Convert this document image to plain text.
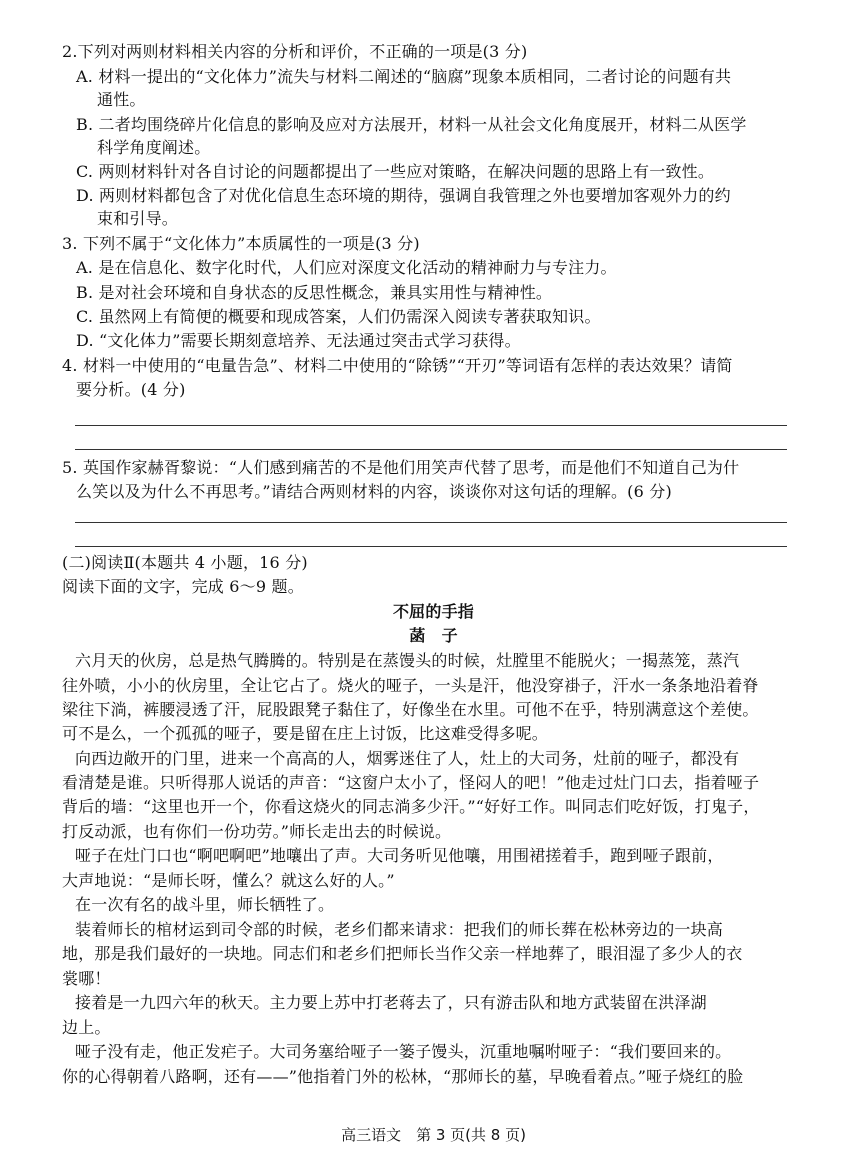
2.下列对两则材料相关内容的分析和评价，不正确的一项是(3 分)
A. 材料一提出的“文化体力”流失与材料二阐述的“脑腐”现象本质相同，二者讨论的问题有共
通性。
B. 二者均围绕碎片化信息的影响及应对方法展开，材料一从社会文化角度展开，材料二从医学
科学角度阐述。
C. 两则材料针对各自讨论的问题都提出了一些应对策略，在解决问题的思路上有一致性。
D. 两则材料都包含了对优化信息生态环境的期待，强调自我管理之外也要增加客观外力的约
束和引导。
3. 下列不属于“文化体力”本质属性的一项是(3 分)
A. 是在信息化、数字化时代，人们应对深度文化活动的精神耐力与专注力。
B. 是对社会环境和自身状态的反思性概念，兼具实用性与精神性。
C. 虽然网上有简便的概要和现成答案，人们仍需深入阅读专著获取知识。
D. “文化体力”需要长期刻意培养、无法通过突击式学习获得。
4. 材料一中使用的“电量告急”、材料二中使用的“除锈”“开刃”等词语有怎样的表达效果？请简
要分析。(4 分)
5. 英国作家赫胥黎说：“人们感到痛苦的不是他们用笑声代替了思考，而是他们不知道自己为什
么笑以及为什么不再思考。”请结合两则材料的内容，谈谈你对这句话的理解。(6 分)
(二)阅读Ⅱ(本题共 4 小题，16 分)
阅读下面的文字，完成 6～9 题。
不屈的手指
菡　子
六月天的伙房，总是热气腾腾的。特别是在蒸馒头的时候，灶膛里不能脱火；一揭蒸笼，蒸汽
往外喷，小小的伙房里，全让它占了。烧火的哑子，一头是汗，他没穿褂子，汗水一条条地沿着脊
梁往下淌，裤腰浸透了汗，屁股跟凳子黏住了，好像坐在水里。可他不在乎，特别满意这个差使。
可不是么，一个孤孤的哑子，要是留在庄上讨饭，比这难受得多呢。
向西边敞开的门里，进来一个高高的人，烟雾迷住了人，灶上的大司务，灶前的哑子，都没有
看清楚是谁。只听得那人说话的声音：“这窗户太小了，怪闷人的吧！”他走过灶门口去，指着哑子
背后的墙：“这里也开一个，你看这烧火的同志淌多少汗。”“好好工作。叫同志们吃好饭，打鬼子，
打反动派，也有你们一份功劳。”师长走出去的时候说。
哑子在灶门口也“啊吧啊吧”地嚷出了声。大司务听见他嚷，用围裙搓着手，跑到哑子跟前，
大声地说：“是师长呀，懂么？就这么好的人。”
在一次有名的战斗里，师长牺牲了。
装着师长的棺材运到司令部的时候，老乡们都来请求：把我们的师长葬在松林旁边的一块高
地，那是我们最好的一块地。同志们和老乡们把师长当作父亲一样地葬了，眼泪湿了多少人的衣
裳哪！
接着是一九四六年的秋天。主力要上苏中打老蒋去了，只有游击队和地方武装留在洪泽湖
边上。
哑子没有走，他正发疟子。大司务塞给哑子一篓子馒头，沉重地嘱咐哑子：“我们要回来的。
你的心得朝着八路啊，还有——”他指着门外的松林，“那师长的墓，早晚看着点。”哑子烧红的脸
高三语文　第 3 页(共 8 页)
